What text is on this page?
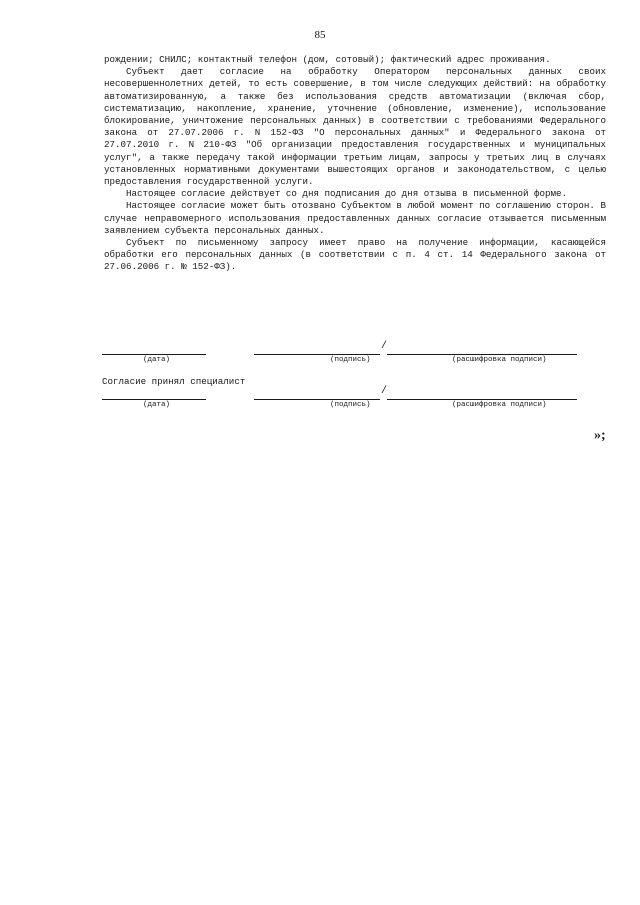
85

рождении; СНИЛС; контактный телефон (дом, сотовый); фактический адрес проживания.

Субъект дает согласие на обработку Оператором персональных данных своих несовершеннолетних детей, то есть совершение, в том числе следующих действий: на обработку автоматизированную, а также без использования средств автоматизации (включая сбор, систематизацию, накопление, хранение, уточнение (обновление, изменение), использование блокирование, уничтожение персональных данных) в соответствии с требованиями Федерального закона от 27.07.2006 г. N 152-ФЗ "О персональных данных" и Федерального закона от 27.07.2010 г. N 210-ФЗ "Об организации предоставления государственных и муниципальных услуг", а также передачу такой информации третьим лицам, запросы у третьих лиц в случаях установленных нормативными документами вышестоящих органов и законодательством, с целью предоставления государственной услуги.

Настоящее согласие действует со дня подписания до дня отзыва в письменной форме.

Настоящее согласие может быть отозвано Субъектом в любой момент по соглашению сторон. В случае неправомерного использования предоставленных данных согласие отзывается письменным заявлением субъекта персональных данных.

Субъект по письменному запросу имеет право на получение информации, касающейся обработки его персональных данных (в соответствии с п. 4 ст. 14 Федерального закона от 27.06.2006 г. № 152-ФЗ).

/
(дата)	(подпись)	(расшифровка подписи)
Согласие принял специалист
/
(дата)	(подпись)	(расшифровка подписи)
»;
